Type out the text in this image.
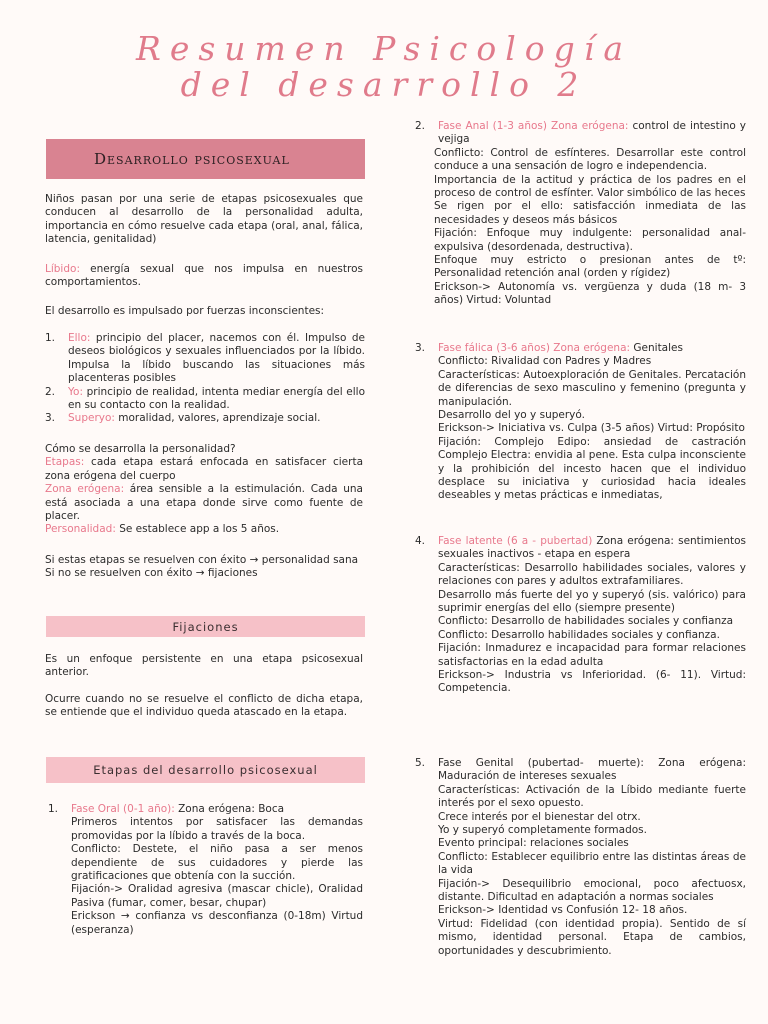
Resumen Psicología
del desarrollo 2
Desarrollo psicosexual
Fijaciones
Etapas del desarrollo psicosexual

Niños pasan por una serie de etapas psicosexuales que conducen al desarrollo de la personalidad adulta, importancia en cómo resuelve cada etapa (oral, anal, fálica, latencia, genitalidad)

Líbido: energía sexual que nos impulsa en nuestros comportamientos.

El desarrollo es impulsado por fuerzas inconscientes:

1. Ello: principio del placer, nacemos con él. Impulso de deseos biológicos y sexuales influenciados por la líbido. Impulsa la líbido buscando las situaciones más placenteras posibles
2. Yo: principio de realidad, intenta mediar energía del ello en su contacto con la realidad.
3. Superyo: moralidad, valores, aprendizaje social.

Cómo se desarrolla la personalidad?

Etapas: cada etapa estará enfocada en satisfacer cierta zona erógena del cuerpo

Zona erógena: área sensible a la estimulación. Cada una está asociada a una etapa donde sirve como fuente de placer.

Personalidad: Se establece app a los 5 años.

Si estas etapas se resuelven con éxito → personalidad sana

Si no se resuelven con éxito → fijaciones

Es un enfoque persistente en una etapa psicosexual anterior.

Ocurre cuando no se resuelve el conflicto de dicha etapa, se entiende que el individuo queda atascado en la etapa.

1. Fase Oral (0-1 año): Zona erógena: Boca

Primeros intentos por satisfacer las demandas promovidas por la líbido a través de la boca.

Conflicto: Destete, el niño pasa a ser menos dependiente de sus cuidadores y pierde las gratificaciones que obtenía con la succión.

Fijación-> Oralidad agresiva (mascar chicle), Oralidad Pasiva (fumar, comer, besar, chupar)

Erickson → confianza vs desconfianza (0-18m) Virtud (esperanza)

2.	Fase Anal (1-3 años) Zona erógena: control de intestino y vejiga

Conflicto: Control de esfínteres. Desarrollar este control conduce a una sensación de logro e independencia.

Importancia de la actitud y práctica de los padres en el proceso de control de esfínter. Valor simbólico de las heces

Se rigen por el ello: satisfacción inmediata de las necesidades y deseos más básicos

Fijación: Enfoque muy indulgente: personalidad anal-expulsiva (desordenada, destructiva).

Enfoque muy estricto o presionan antes de tº: Personalidad retención anal (orden y rígidez)

Erickson-> Autonomía vs. vergüenza y duda (18 m- 3 años) Virtud: Voluntad

3. Fase fálica (3-6 años) Zona erógena: Genitales

Conflicto: Rivalidad con Padres y Madres

Características: Autoexploración de Genitales. Percatación de diferencias de sexo masculino y femenino (pregunta y manipulación.

Desarrollo del yo y superyó.

Erickson-> Iniciativa vs. Culpa (3-5 años) Virtud: Propósito

Fijación: Complejo Edipo: ansiedad de castración Complejo Electra: envidia al pene. Esta culpa inconsciente y la prohibición del incesto hacen que el individuo desplace su iniciativa y curiosidad hacia ideales deseables y metas prácticas e inmediatas,

4. Fase latente (6 a - pubertad) Zona erógena: sentimientos sexuales inactivos - etapa en espera

Características: Desarrollo habilidades sociales, valores y relaciones con pares y adultos extrafamiliares.

Desarrollo más fuerte del yo y superyó (sis. valórico) para suprimir energías del ello (siempre presente)

Conflicto: Desarrollo de habilidades sociales y confianza

Conflicto: Desarrollo habilidades sociales y confianza.

Fijación: Inmadurez e incapacidad para formar relaciones satisfactorias en la edad adulta

Erickson-> Industria vs Inferioridad. (6- 11). Virtud: Competencia.

5. Fase Genital (pubertad- muerte): Zona erógena: Maduración de intereses sexuales

Características: Activación de la Líbido mediante fuerte interés por el sexo opuesto.

Crece interés por el bienestar del otrx.

Yo y superyó completamente formados.

Evento principal: relaciones sociales

Conflicto: Establecer equilibrio entre las distintas áreas de la vida

Fijación-> Desequilibrio emocional, poco afectuosx, distante. Dificultad en adaptación a normas sociales

Erickson-> Identidad vs Confusión 12- 18 años.

Virtud: Fidelidad (con identidad propia). Sentido de sí mismo, identidad personal. Etapa de cambios, oportunidades y descubrimiento.
